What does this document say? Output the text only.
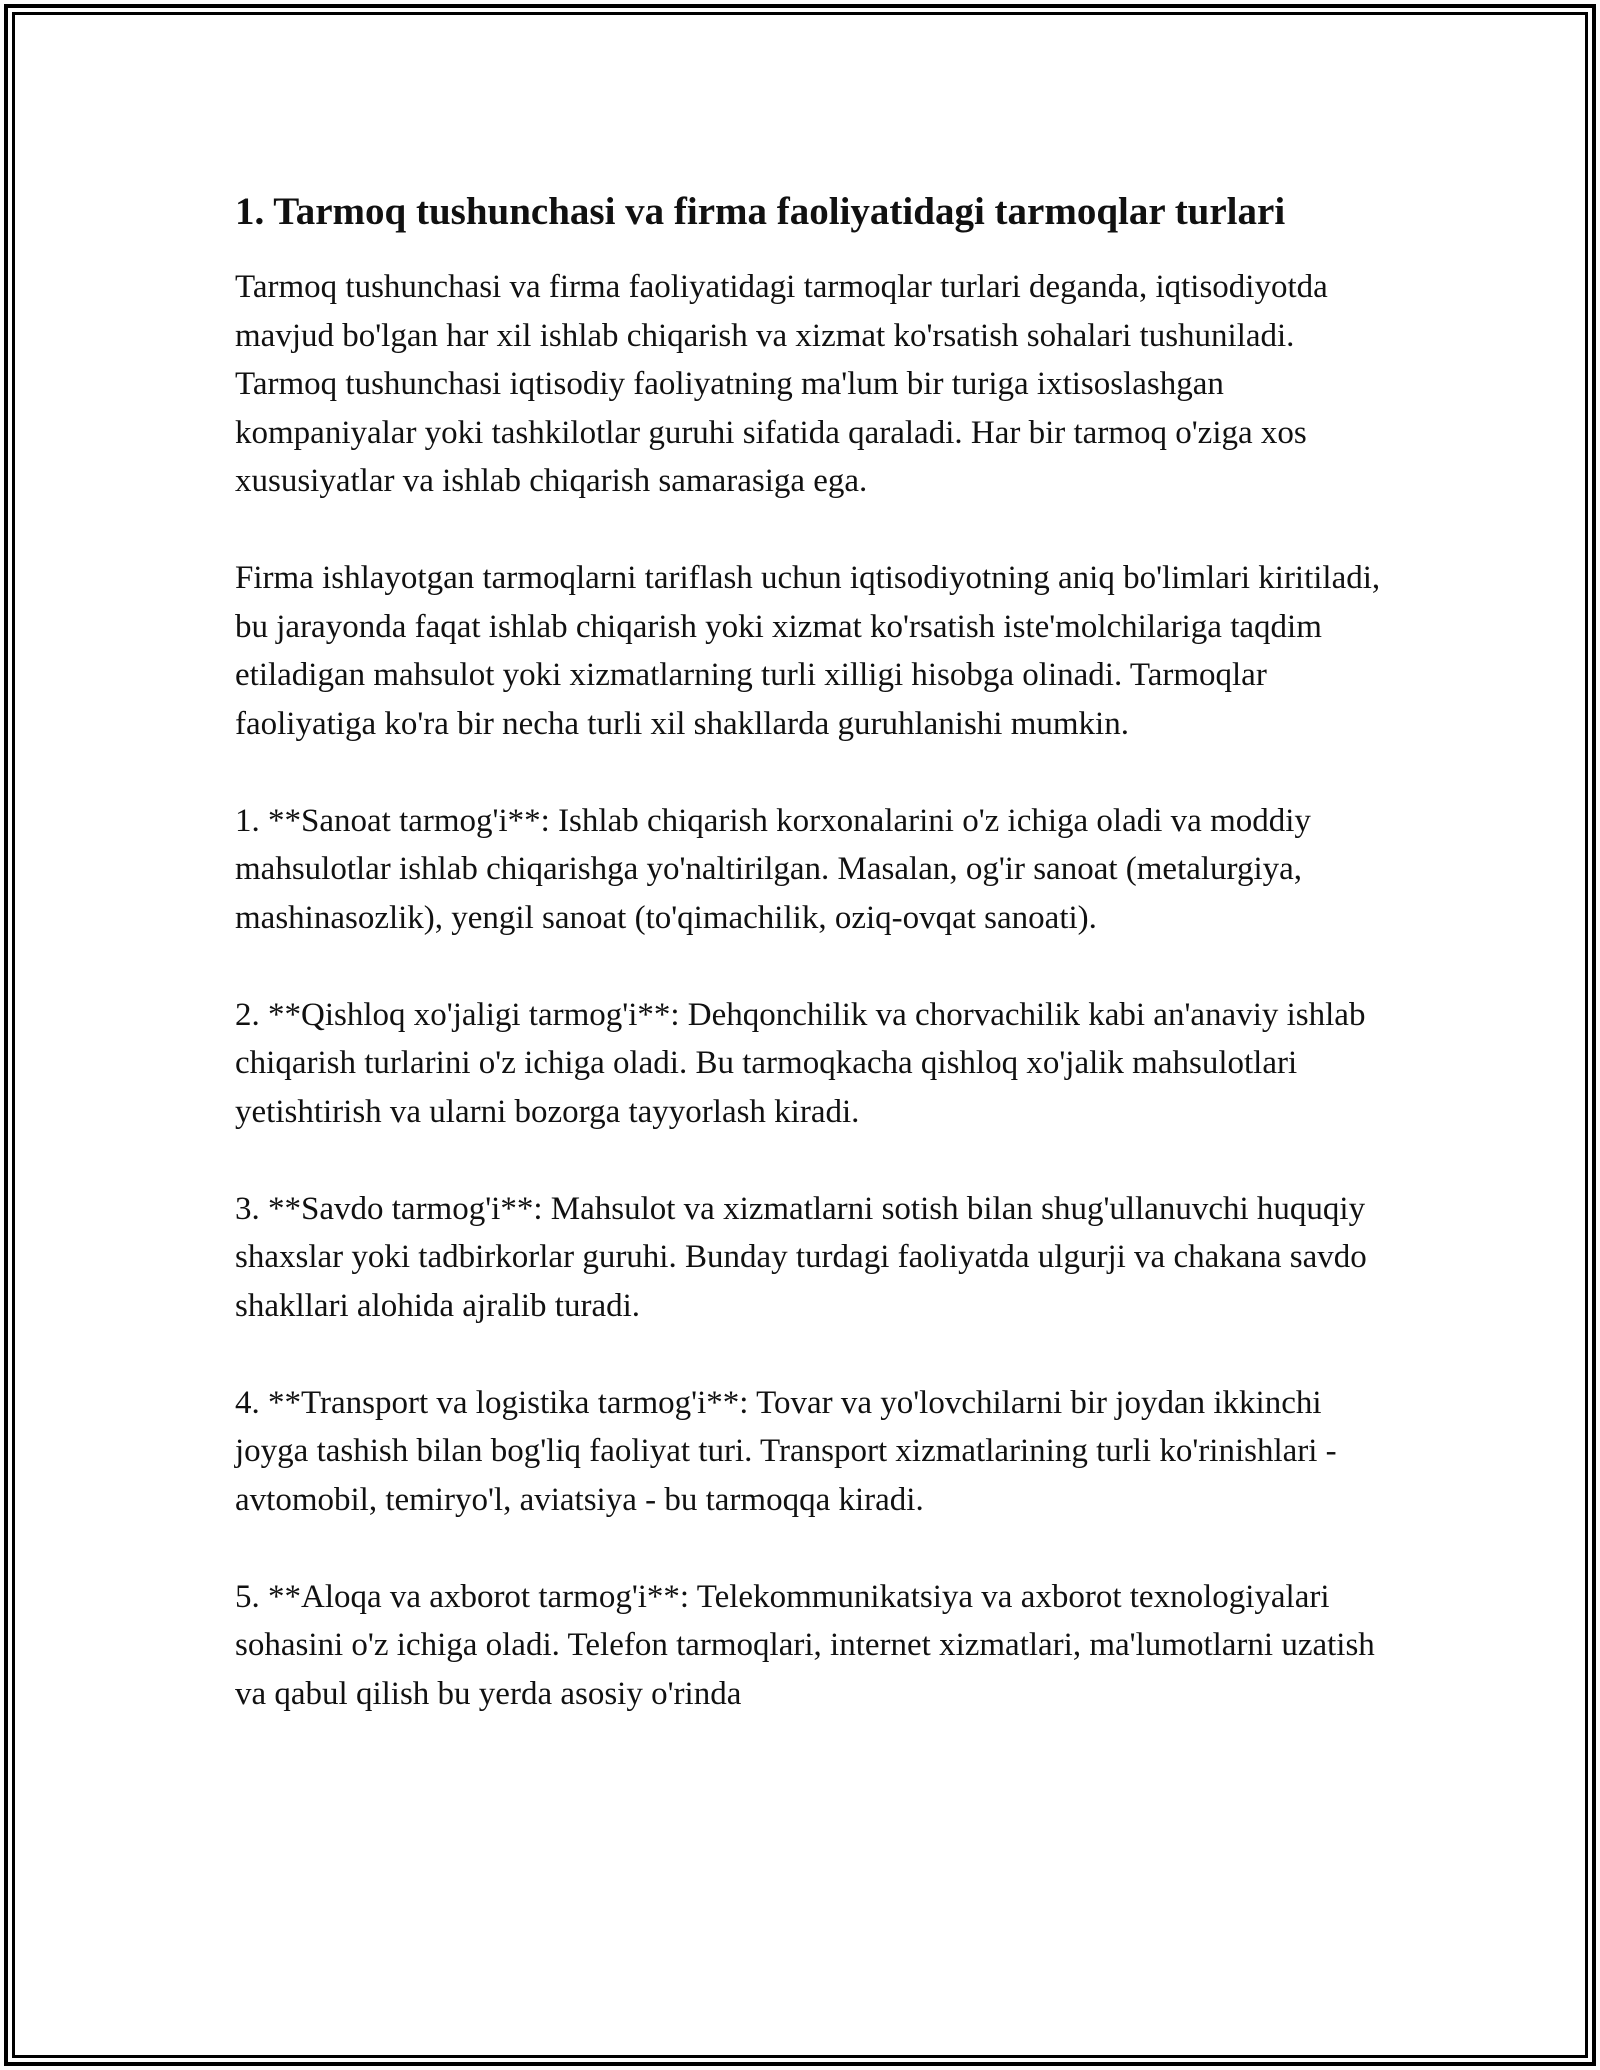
1. Tarmoq tushunchasi va firma faoliyatidagi tarmoqlar turlari

Tarmoq tushunchasi va firma faoliyatidagi tarmoqlar turlari deganda, iqtisodiyotda mavjud bo'lgan har xil ishlab chiqarish va xizmat ko'rsatish sohalari tushuniladi. Tarmoq tushunchasi iqtisodiy faoliyatning ma'lum bir turiga ixtisoslashgan kompaniyalar yoki tashkilotlar guruhi sifatida qaraladi. Har bir tarmoq o'ziga xos xususiyatlar va ishlab chiqarish samarasiga ega.

Firma ishlayotgan tarmoqlarni tariflash uchun iqtisodiyotning aniq bo'limlari kiritiladi, bu jarayonda faqat ishlab chiqarish yoki xizmat ko'rsatish iste'molchilariga taqdim etiladigan mahsulot yoki xizmatlarning turli xilligi hisobga olinadi. Tarmoqlar faoliyatiga ko'ra bir necha turli xil shakllarda guruhlanishi mumkin.

1. **Sanoat tarmog'i**: Ishlab chiqarish korxonalarini o'z ichiga oladi va moddiy mahsulotlar ishlab chiqarishga yo'naltirilgan. Masalan, og'ir sanoat (metalurgiya, mashinasozlik), yengil sanoat (to'qimachilik, oziq-ovqat sanoati).

2. **Qishloq xo'jaligi tarmog'i**: Dehqonchilik va chorvachilik kabi an'anaviy ishlab chiqarish turlarini o'z ichiga oladi. Bu tarmoqkacha qishloq xo'jalik mahsulotlari yetishtirish va ularni bozorga tayyorlash kiradi.

3. **Savdo tarmog'i**: Mahsulot va xizmatlarni sotish bilan shug'ullanuvchi huquqiy shaxslar yoki tadbirkorlar guruhi. Bunday turdagi faoliyatda ulgurji va chakana savdo shakllari alohida ajralib turadi.

4. **Transport va logistika tarmog'i**: Tovar va yo'lovchilarni bir joydan ikkinchi joyga tashish bilan bog'liq faoliyat turi. Transport xizmatlarining turli ko'rinishlari - avtomobil, temiryo'l, aviatsiya - bu tarmoqqa kiradi.

5. **Aloqa va axborot tarmog'i**: Telekommunikatsiya va axborot texnologiyalari sohasini o'z ichiga oladi. Telefon tarmoqlari, internet xizmatlari, ma'lumotlarni uzatish va qabul qilish bu yerda asosiy o'rinda
